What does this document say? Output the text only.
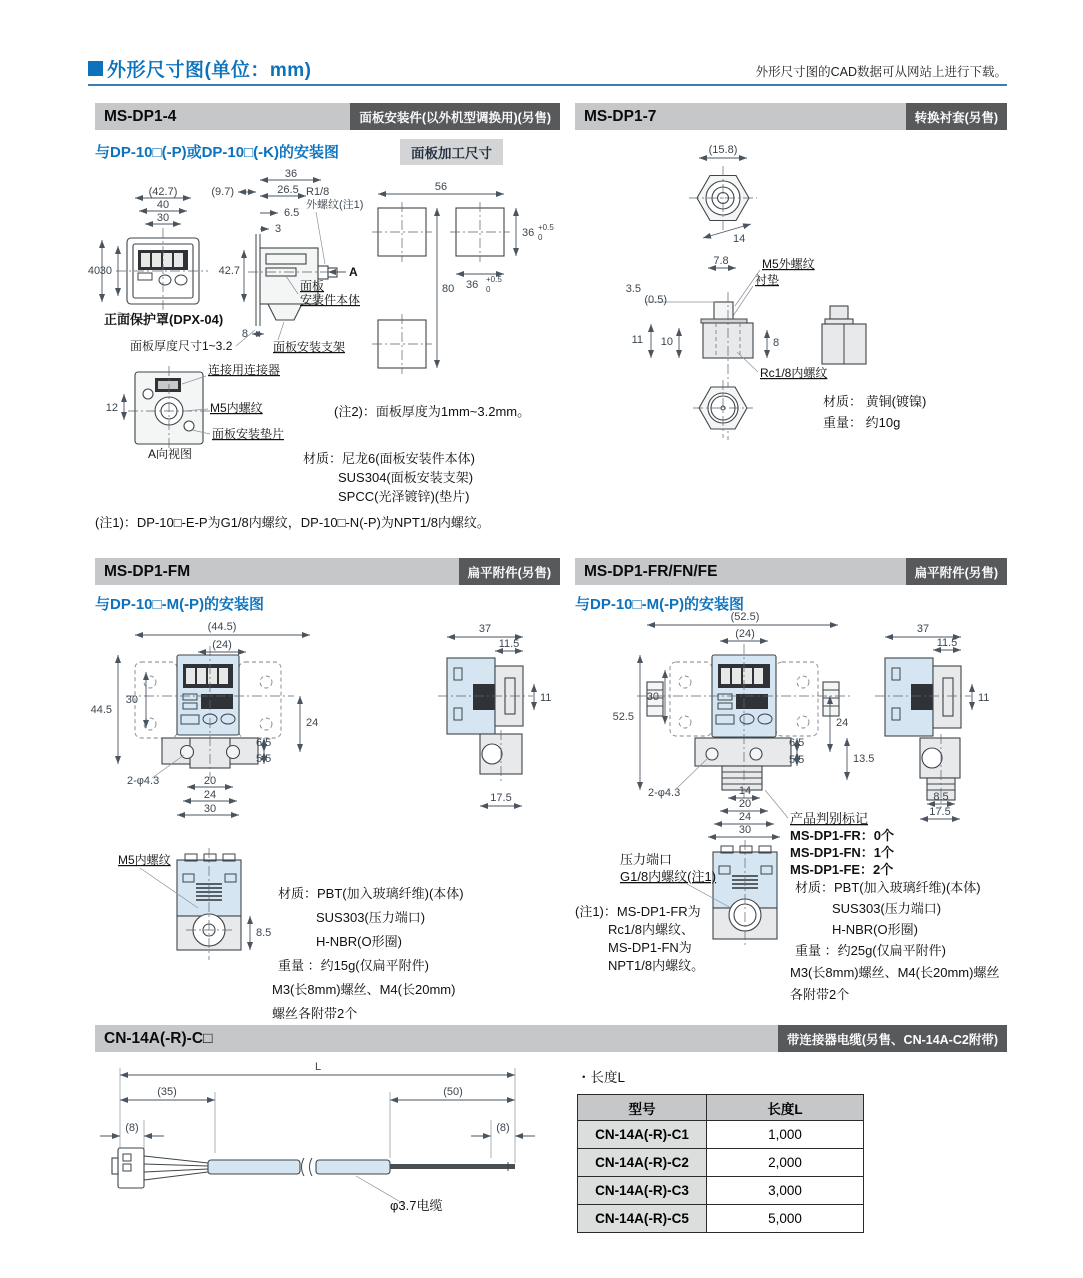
外形尺寸图(单位：mm)	外形尺寸图的CAD数据可从网站上进行下载。
MS-DP1-4	面板安装件(以外机型调换用)(另售)	MS-DP1-7	转换衬套(另售)
与DP-10□(-P)或DP-10□(-K)的安装图	面板加工尺寸
(42.7)
40
30
40 30
正面保护罩(DPX-04)
36
26.5
6.5
3
(9.7)
42.7
R1/8
外螺纹(注1)
A
面板
安装件本体
8
面板厚度尺寸1~3.2	面板安装支架
12
连接用连接器
M5内螺纹
面板安装垫片
A向视图
56
36 +0.5
0
36 +0.5
0
80
(注2)：面板厚度为1mm~3.2mm。
材质：尼龙6(面板安装件本体)
SUS304(面板安装支架)
SPCC(光泽镀锌)(垫片)
(注1)：DP-10□-E-P为G1/8内螺纹，DP-10□-N(-P)为NPT1/8内螺纹。
(15.8)
14
7.8	M5外螺纹
衬垫
3.5
(0.5)
11 10	8
Rc1/8内螺纹
材质： 黄铜(镀镍)
重量： 约10g
MS-DP1-FM	扁平附件(另售)	MS-DP1-FR/FN/FE	扁平附件(另售)
与DP-10□-M(-P)的安装图	与DP-10□-M(-P)的安装图
(44.5)
(24)
30
44.5
24
6.5
5.5
2-φ4.3	20
24
30
37
11.5
11
17.5
M5内螺纹
8.5
材质：PBT(加入玻璃纤维)(本体)
SUS303(压力端口)
H-NBR(O形圈)
重量 ：约15g(仅扁平附件)
M3(长8mm)螺丝、M4(长20mm)
螺丝各附带2个
(52.5)
(24)
30
52.5	24
6.5
5.5	13.5
2-φ4.3	14
20
24
30
37
11.5
11
8.5
17.5
产品判别标记
MS-DP1-FR：0个
MS-DP1-FN：1个
MS-DP1-FE：2个
压力端口
G1/8内螺纹(注1)
(注1)：MS-DP1-FR为
Rc1/8内螺纹、
MS-DP1-FN为
NPT1/8内螺纹。
材质：PBT(加入玻璃纤维)(本体)
SUS303(压力端口)
H-NBR(O形圈)
重量 ：约25g(仅扁平附件)
M3(长8mm)螺丝、M4(长20mm)螺丝
各附带2个
CN-14A(-R)-C□	带连接器电缆(另售、CN-14A-C2附带)
L
(35)	(50)
(8)	(8)
φ3.7电缆
・长度L
型号	长度L
CN-14A(-R)-C1	1,000
CN-14A(-R)-C2	2,000
CN-14A(-R)-C3	3,000
CN-14A(-R)-C5	5,000
